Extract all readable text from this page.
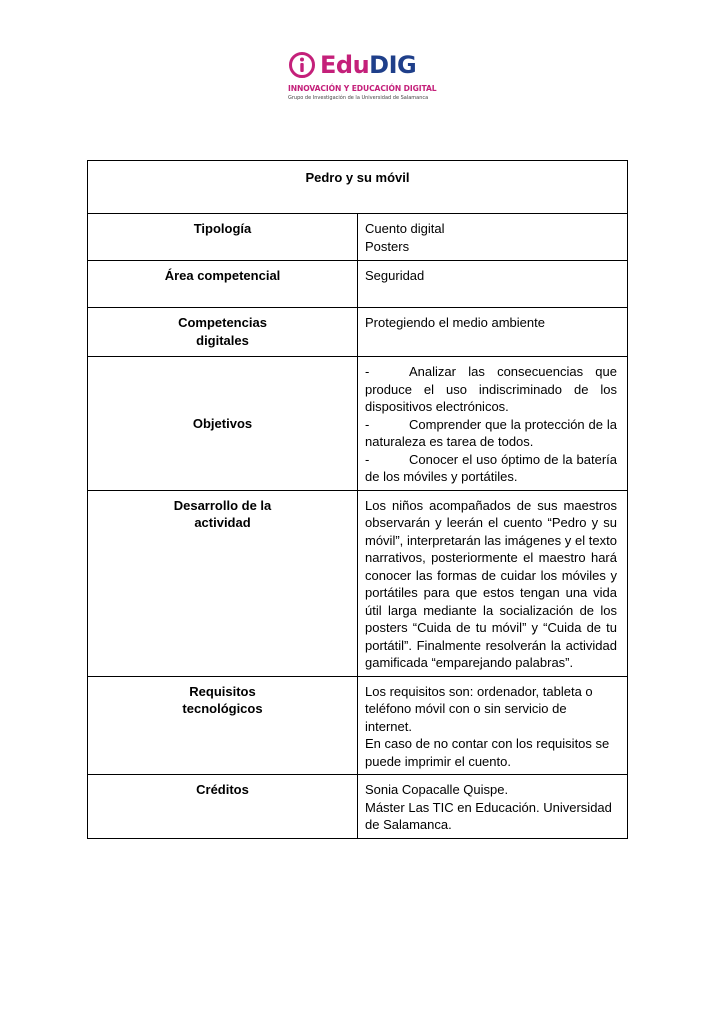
EduDIG
INNOVACIÓN Y EDUCACIÓN DIGITAL
Grupo de Investigación de la Universidad de Salamanca
Pedro y su móvil	
Tipología	Cuento digital
Posters

Área competencial	Seguridad

Competencias
digitales	Protegiendo el medio ambiente

Objetivos	- Analizar las consecuencias que produce el uso indiscriminado de los dispositivos electrónicos.
- Comprender que la protección de la naturaleza es tarea de todos.
- Conocer el uso óptimo de la batería de los móviles y portátiles.

Desarrollo de la
actividad	Los niños acompañados de sus maestros observarán y leerán el cuento “Pedro y su móvil”, interpretarán las imágenes y el texto narrativos, posteriormente el maestro hará conocer las formas de cuidar los móviles y portátiles para que estos tengan una vida útil larga mediante la socialización de los posters “Cuida de tu móvil” y “Cuida de tu portátil”. Finalmente resolverán la actividad gamificada “emparejando palabras”.

Requisitos
tecnológicos	Los requisitos son: ordenador, tableta o teléfono móvil con o sin servicio de internet.
En caso de no contar con los requisitos se puede imprimir el cuento.

Créditos	Sonia Copacalle Quispe.
Máster Las TIC en Educación. Universidad de Salamanca.
